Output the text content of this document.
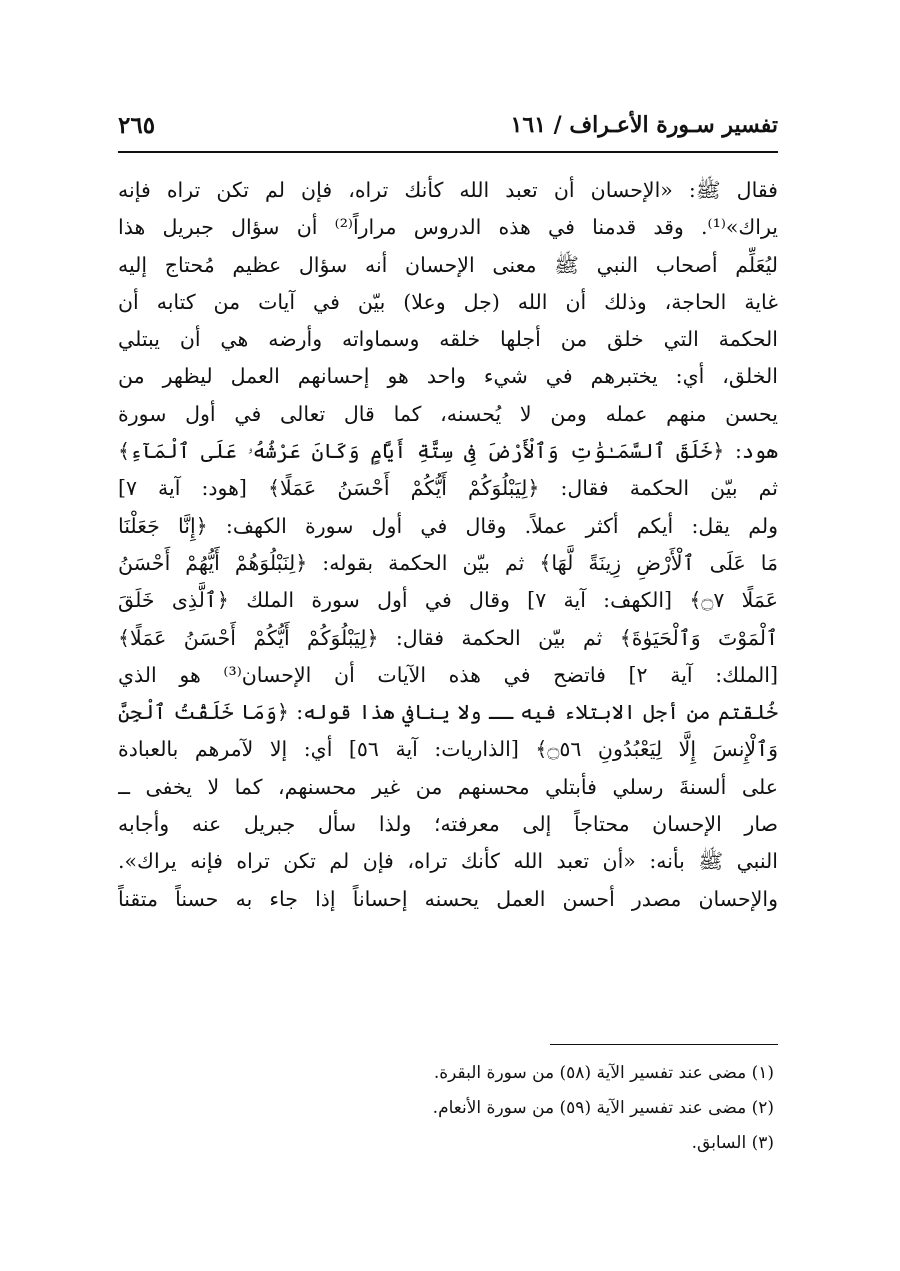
تفسير سـورة الأعـراف / ١٦١
٢٦٥
فقال ﷺ: «الإحسان أن تعبد الله كأنك تراه، فإن لم تكن تراه فإنه
يراك»⁽¹⁾. وقد قدمنا في هذه الدروس مراراً⁽²⁾ أن سؤال جبريل هذا
ليُعَلِّم أصحاب النبي ﷺ معنى الإحسان أنه سؤال عظيم مُحتاج إليه
غاية الحاجة، وذلك أن الله (جل وعلا) بيّن في آيات من كتابه أن
الحكمة التي خلق من أجلها خلقه وسماواته وأرضه هي أن يبتلي
الخلق، أي: يختبرهم في شيء واحد هو إحسانهم العمل ليظهر من
يحسن منهم عمله ومن لا يُحسنه، كما قال تعالى في أول سورة
هود: ﴿خَلَقَ ٱلسَّمَـٰوَٰتِ وَٱلْأَرْضَ فِى سِتَّةِ أَيَّامٍ وَكَانَ عَرْشُهُۥ عَلَى ٱلْمَآءِ﴾
ثم بيّن الحكمة فقال: ﴿لِيَبْلُوَكُمْ أَيُّكُمْ أَحْسَنُ عَمَلًا﴾ [هود: آية ٧]
ولم يقل: أيكم أكثر عملاً. وقال في أول سورة الكهف: ﴿إِنَّا جَعَلْنَا
مَا عَلَى ٱلْأَرْضِ زِينَةً لَّهَا﴾ ثم بيّن الحكمة بقوله: ﴿لِنَبْلُوَهُمْ أَيُّهُمْ أَحْسَنُ
عَمَلًا ۝٧﴾ [الكهف: آية ٧] وقال في أول سورة الملك ﴿ٱلَّذِى خَلَقَ
ٱلْمَوْتَ وَٱلْحَيَوٰةَ﴾ ثم بيّن الحكمة فقال: ﴿لِيَبْلُوَكُمْ أَيُّكُمْ أَحْسَنُ عَمَلًا﴾
[الملك: آية ٢] فاتضح في هذه الآيات أن الإحسان⁽³⁾ هو الذي
خُلقتم من أجل الابتلاء فيه ــ ولا ينافي هذا قوله: ﴿وَمَا خَلَقْتُ ٱلْجِنَّ
وَٱلْإِنسَ إِلَّا لِيَعْبُدُونِ ۝٥٦﴾ [الذاريات: آية ٥٦] أي: إلا لآمرهم بالعبادة
على ألسنةَ رسلي فأبتلي محسنهم من غير محسنهم، كما لا يخفى ــ
صار الإحسان محتاجاً إلى معرفته؛ ولذا سأل جبريل عنه وأجابه
النبي ﷺ بأنه: «أن تعبد الله كأنك تراه، فإن لم تكن تراه فإنه يراك».
والإحسان مصدر أحسن العمل يحسنه إحساناً إذا جاء به حسناً متقناً
(١) مضى عند تفسير الآية (٥٨) من سورة البقرة.
(٢) مضى عند تفسير الآية (٥٩) من سورة الأنعام.
(٣) السابق.
